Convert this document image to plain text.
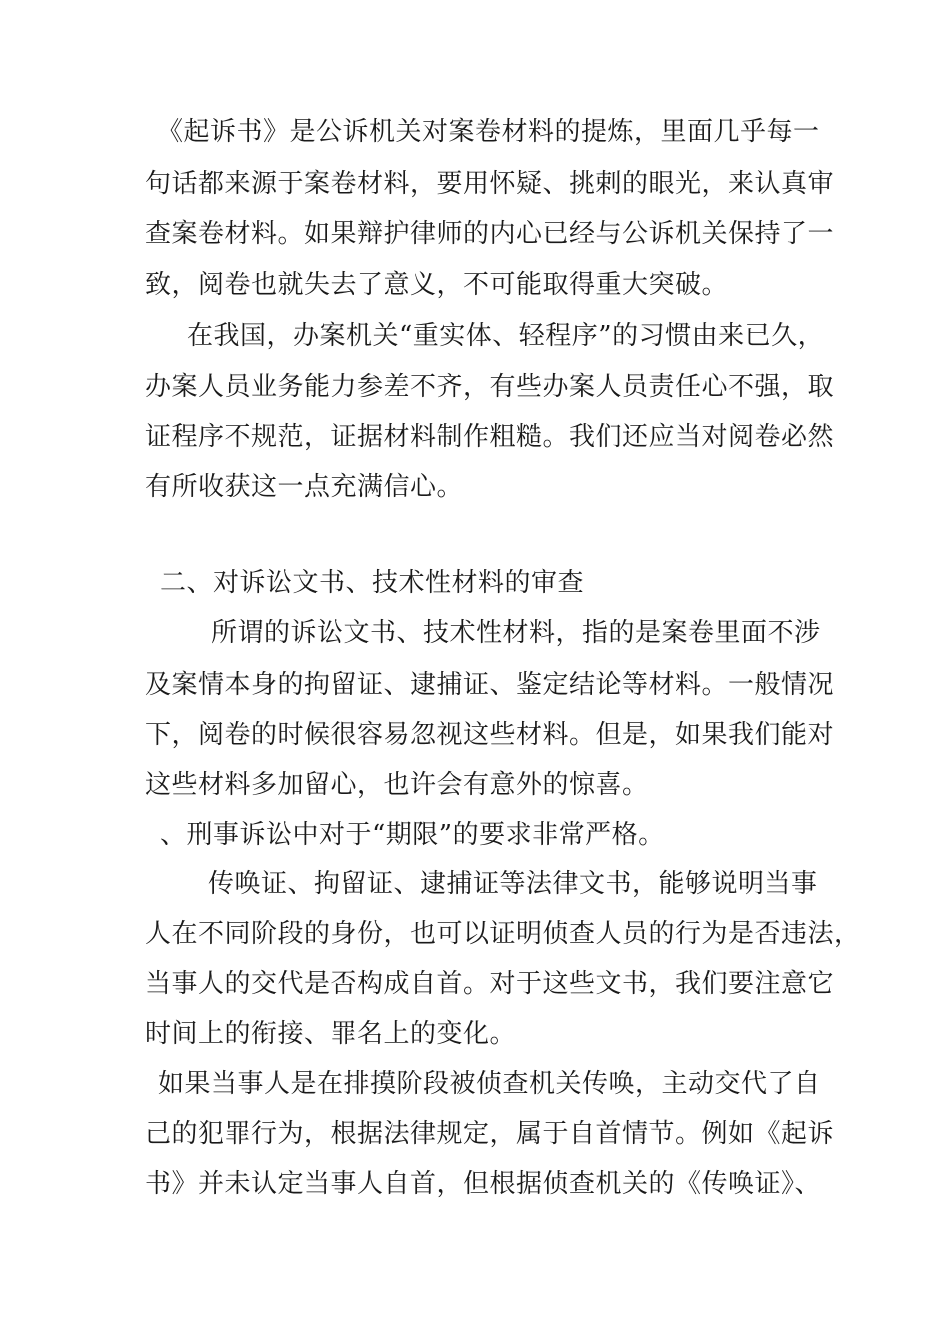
《起诉书》是公诉机关对案卷材料的提炼，里面几乎每一
句话都来源于案卷材料，要用怀疑、挑剌的眼光，来认真审
查案卷材料。如果辩护律师的内心已经与公诉机关保持了一
致，阅卷也就失去了意义，不可能取得重大突破。
在我国，办案机关“重实体、轻程序”的习惯由来已久，
办案人员业务能力参差不齐，有些办案人员责任心不强，取
证程序不规范，证据材料制作粗糙。我们还应当对阅卷必然
有所收获这一点充满信心。
二、对诉讼文书、技术性材料的审查
所谓的诉讼文书、技术性材料，指的是案卷里面不涉
及案情本身的拘留证、逮捕证、鉴定结论等材料。一般情况
下，阅卷的时候很容易忽视这些材料。但是，如果我们能对
这些材料多加留心，也许会有意外的惊喜。
、刑事诉讼中对于“期限”的要求非常严格。
传唤证、拘留证、逮捕证等法律文书，能够说明当事
人在不同阶段的身份，也可以证明侦查人员的行为是否违法，
当事人的交代是否构成自首。对于这些文书，我们要注意它
时间上的衔接、罪名上的变化。
如果当事人是在排摸阶段被侦查机关传唤，主动交代了自
己的犯罪行为，根据法律规定，属于自首情节。例如《起诉
书》并未认定当事人自首，但根据侦查机关的《传唤证》、
